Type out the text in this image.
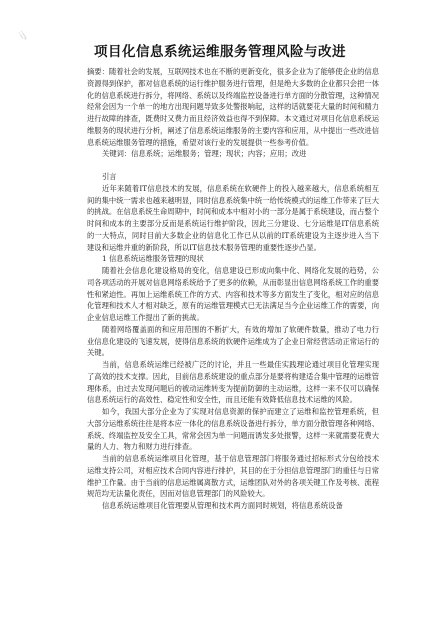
ĳ̨
项目化信息系统运维服务管理风险与改进

摘要：随着社会的发展，互联网技术也在不断的更新变化，很多企业为了能够使企业的信息资源得到保护，都对信息系统的运行维护服务进行管理，但是绝大多数的企业都只会把一体化的信息系统进行拆分，将网络、系统以及终端监控设备进行单方面的分散管理，这种情况经常会因为一个单一的地方出现问题导致多处警报响起，这样的话就要花大量的时间和精力进行故障的排查，既费时又费力而且经济效益也得不到保障。本文通过对项目化信息系统运维服务的现状进行分析，阐述了信息系统运维服务的主要内容和应用，从中提出一些改进信息系统运维服务管理的措施，希望对该行业的发展提供一些参考价值。

关键词：信息系统；运维服务；管理；现状；内容；应用；改进

引言

近年来随着IT信息技术的发展，信息系统在软硬件上的投入越来越大，信息系统相互间的集中统一需求也越来越明显，同时信息系统集中统一给传统模式的运维工作带来了巨大的挑战。在信息系统生命周期中，时间和成本中相对小的一部分是属于系统建设，而占整个时间和成本的主要部分反而是系统运行维护阶段，因此三分建设、七分运维是IT信息系统的一大特点，同时目前大多数企业的信息化工作已从以前的IT系统建设为主逐步进入当下建设和运维并重的新阶段，所以IT信息技术服务管理的重要性逐步凸显。

1 信息系统运维服务管理的现状

随着社会信息化建设格局的变化，信息建设已形成向集中化、网络化发展的趋势，公司各项活动的开展对信息网络系统给予了更多的依赖，从而彰显出信息网络系统工作的重要性和紧迫性。再加上运维系统工作的方式、内容和技术等多方面发生了变化，相对应的信息化管理和技术人才相对缺乏，原有的运维管理模式已无法满足当今企业运维工作的需要，向企业信息运维工作提出了新的挑战。

随着网络覆盖面的和应用范围的不断扩大，有效的增加了软硬件数量，推动了电力行业信息化建设的飞速发展，使得信息系统的软硬件运维成为了企业日常经营活动正常运行的关键。

当前，信息系统运维已经被广泛的讨论，并且一些最佳实践理论通过项目化管理实现了高效的技术支撑。因此，目前信息系统建设的重点部分是要将构建适合集中管理的运维管理体系，由过去发现问题后的被动运维转变为提前防御的主动运维，这样一来不仅可以确保信息系统运行的高效性、稳定性和安全性，而且还能有效降低信息技术运维的风险。

如今，我国大部分企业为了实现对信息资源的保护而建立了运维和监控管理系统，但大部分运维系统往往是将本应一体化的信息系统设备进行拆分，单方面分散管理各种网络、系统、终端监控及安全工具，常常会因为单一问题而诱发多处报警，这样一来就需要花费大量的人力、物力和财力进行排查。

当前的信息系统运维项目化管理，基于信息管理部门将服务通过招标形式分包给技术运维支持公司，对相应技术合同内容进行排护，其目的在于分担信息管理部门的重任与日常维护工作量。由于当前的信息运维属离散方式，运维团队对外的各项关键工作及考核、流程规范均无法量化责任，因而对信息管理部门的风险较大。

信息系统运维项目化管理要从管理和技术两方面同时规划，将信息系统设备
